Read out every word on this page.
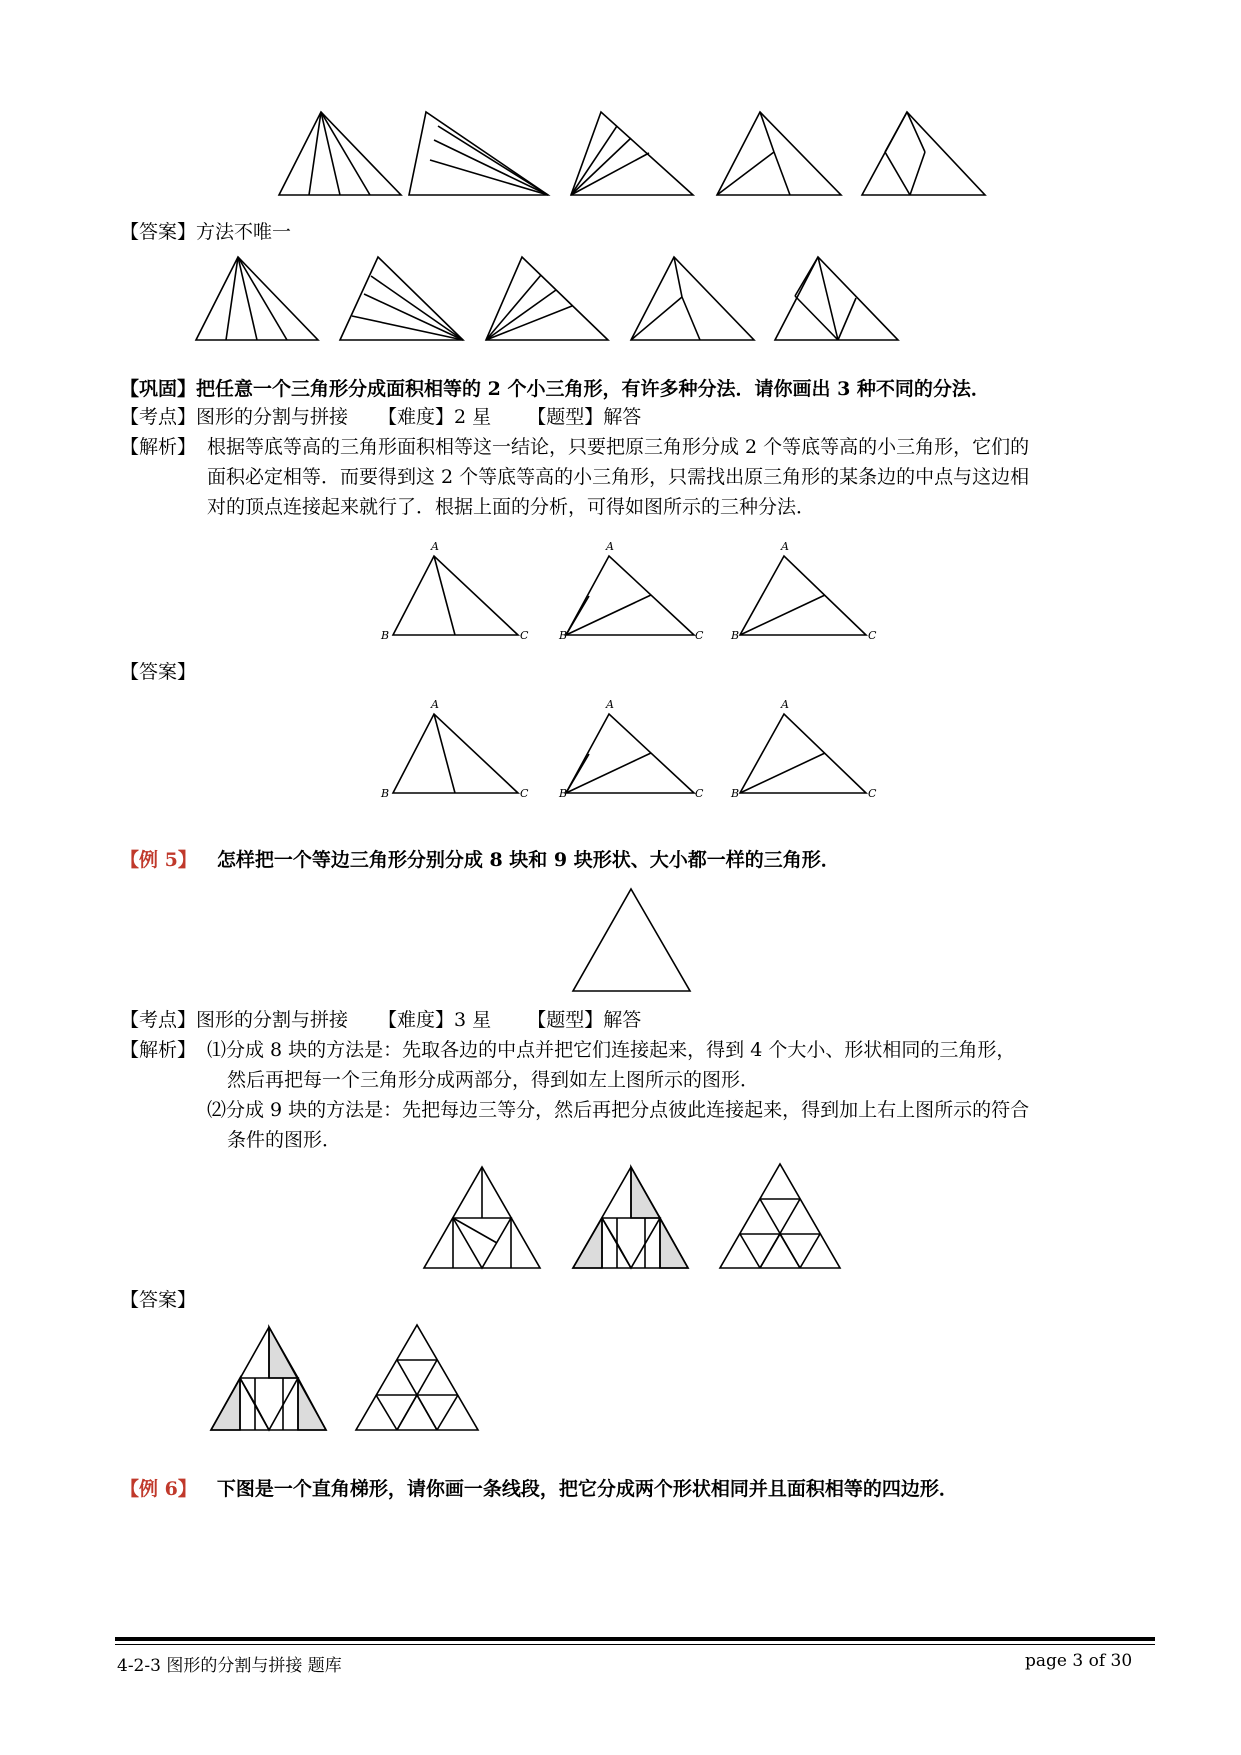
【答案】方法不唯一
【巩固】把任意一个三角形分成面积相等的 2 个小三角形，有许多种分法．请你画出 3 种不同的分法．
【考点】图形的分割与拼接 【难度】2 星 【题型】解答
【解析】 根据等底等高的三角形面积相等这一结论，只要把原三角形分成 2 个等底等高的小三角形，它们的
面积必定相等．而要得到这 2 个等底等高的小三角形，只需找出原三角形的某条边的中点与这边相
对的顶点连接起来就行了．根据上面的分析，可得如图所示的三种分法．
A
B	C
A
B	C
A
B	C
【答案】
A
B	C
A
B	C
A
B	C
【例 5】 怎样把一个等边三角形分别分成 8 块和 9 块形状、大小都一样的三角形．
【考点】图形的分割与拼接 【难度】3 星 【题型】解答
【解析】 ⑴分成 8 块的方法是：先取各边的中点并把它们连接起来，得到 4 个大小、形状相同的三角形，
然后再把每一个三角形分成两部分，得到如左上图所示的图形．
⑵分成 9 块的方法是：先把每边三等分，然后再把分点彼此连接起来，得到加上右上图所示的符合
条件的图形．
【答案】
【例 6】 下图是一个直角梯形，请你画一条线段，把它分成两个形状相同并且面积相等的四边形．
4-2-3 图形的分割与拼接 题库	page 3 of 30
